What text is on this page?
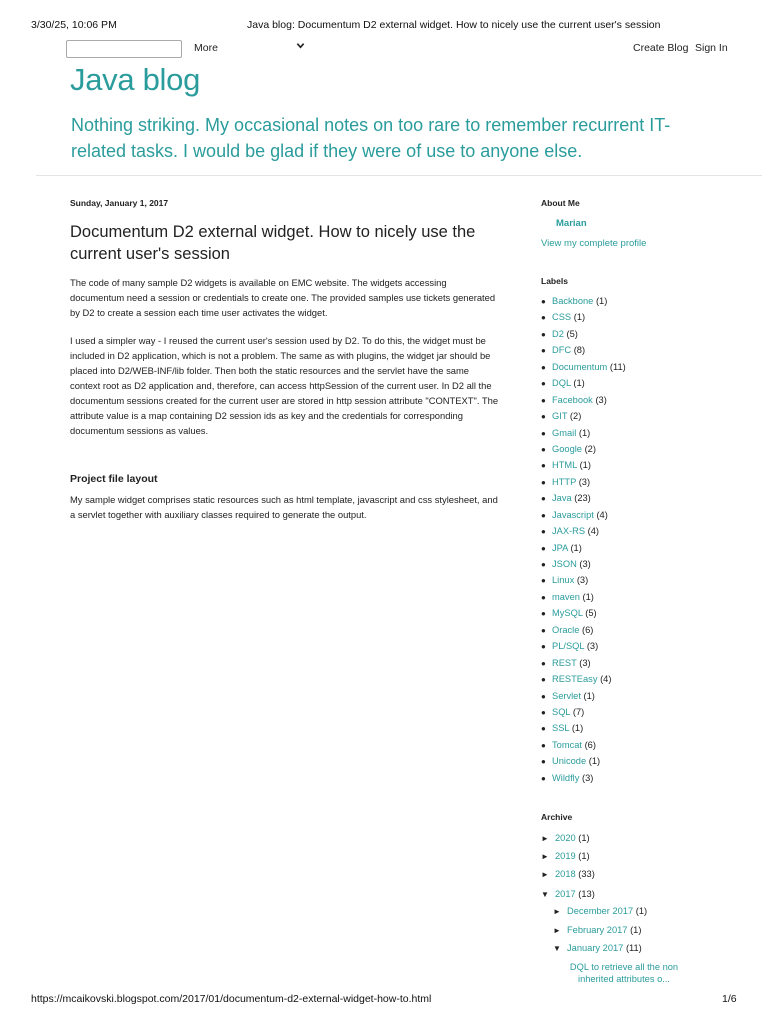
3/30/25, 10:06 PM	Java blog: Documentum D2 external widget. How to nicely use the current user's session
More	Create Blog Sign In
Java blog
Nothing striking. My occasional notes on too rare to remember recurrent IT-related tasks. I would be glad if they were of use to anyone else.
Sunday, January 1, 2017
Documentum D2 external widget. How to nicely use the current user's session
The code of many sample D2 widgets is available on EMC website. The widgets accessing documentum need a session or credentials to create one. The provided samples use tickets generated by D2 to create a session each time user activates the widget.
I used a simpler way - I reused the current user's session used by D2. To do this, the widget must be included in D2 application, which is not a problem. The same as with plugins, the widget jar should be placed into D2/WEB-INF/lib folder. Then both the static resources and the servlet have the same context root as D2 application and, therefore, can access httpSession of the current user. In D2 all the documentum sessions created for the current user are stored in http session attribute "CONTEXT". The attribute value is a map containing D2 session ids as key and the credentials for corresponding documentum sessions as values.
Project file layout
My sample widget comprises static resources such as html template, javascript and css stylesheet, and a servlet together with auxiliary classes required to generate the output.
About Me
Marian
View my complete profile
Labels
● Backbone (1)
● CSS (1)
● D2 (5)
● DFC (8)
● Documentum (11)
● DQL (1)
● Facebook (3)
● GIT (2)
● Gmail (1)
● Google (2)
● HTML (1)
● HTTP (3)
● Java (23)
● Javascript (4)
● JAX-RS (4)
● JPA (1)
● JSON (3)
● Linux (3)
● maven (1)
● MySQL (5)
● Oracle (6)
● PL/SQL (3)
● REST (3)
● RESTEasy (4)
● Servlet (1)
● SQL (7)
● SSL (1)
● Tomcat (6)
● Unicode (1)
● Wildfly (3)
Archive
► 2020 (1)
► 2019 (1)
► 2018 (33)
▼ 2017 (13)
► December 2017 (1)
► February 2017 (1)
▼ January 2017 (11)
DQL to retrieve all the non inherited attributes o...
https://mcaikovski.blogspot.com/2017/01/documentum-d2-external-widget-how-to.html	1/6
